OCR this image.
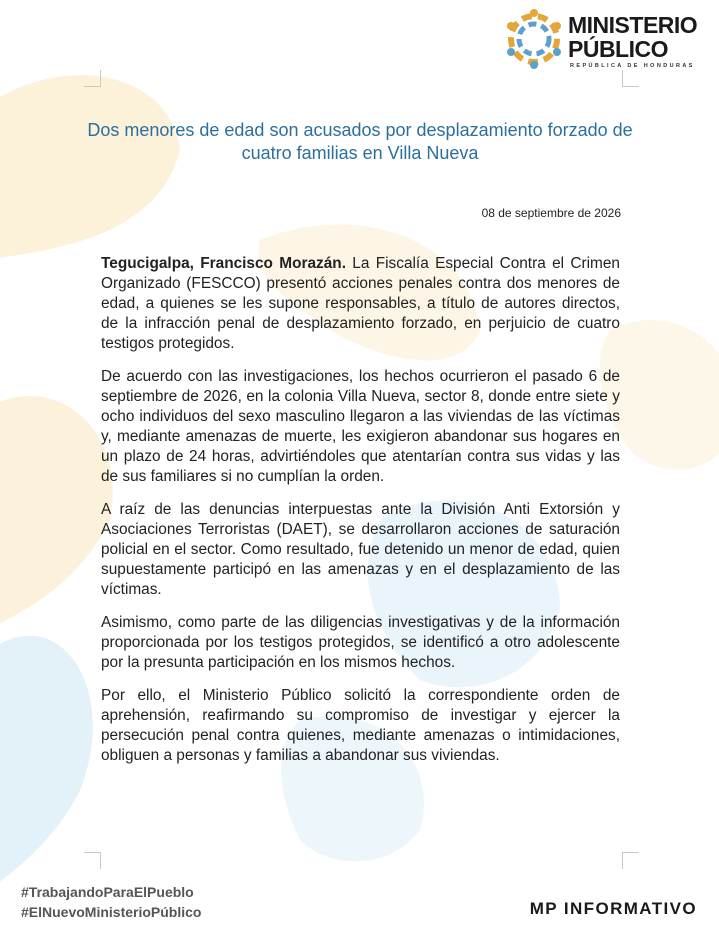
MINISTERIO
PÚBLICO
REPÚBLICA DE HONDURAS
Dos menores de edad son acusados por desplazamiento forzado de cuatro familias en Villa Nueva
08 de septiembre de 2026

Tegucigalpa, Francisco Morazán. La Fiscalía Especial Contra el Crimen Organizado (FESCCO) presentó acciones penales contra dos menores de edad, a quienes se les supone responsables, a título de autores directos, de la infracción penal de desplazamiento forzado, en perjuicio de cuatro testigos protegidos.

De acuerdo con las investigaciones, los hechos ocurrieron el pasado 6 de septiembre de 2026, en la colonia Villa Nueva, sector 8, donde entre siete y ocho individuos del sexo masculino llegaron a las viviendas de las víctimas y, mediante amenazas de muerte, les exigieron abandonar sus hogares en un plazo de 24 horas, advirtiéndoles que atentarían contra sus vidas y las de sus familiares si no cumplían la orden.

A raíz de las denuncias interpuestas ante la División Anti Extorsión y Asociaciones Terroristas (DAET), se desarrollaron acciones de saturación policial en el sector. Como resultado, fue detenido un menor de edad, quien supuestamente participó en las amenazas y en el desplazamiento de las víctimas.

Asimismo, como parte de las diligencias investigativas y de la información proporcionada por los testigos protegidos, se identificó a otro adolescente por la presunta participación en los mismos hechos.

Por ello, el Ministerio Público solicitó la correspondiente orden de aprehensión, reafirmando su compromiso de investigar y ejercer la persecución penal contra quienes, mediante amenazas o intimidaciones, obliguen a personas y familias a abandonar sus viviendas.

#TrabajandoParaElPueblo
#ElNuevoMinisterioPúblico	MP INFORMATIVO
